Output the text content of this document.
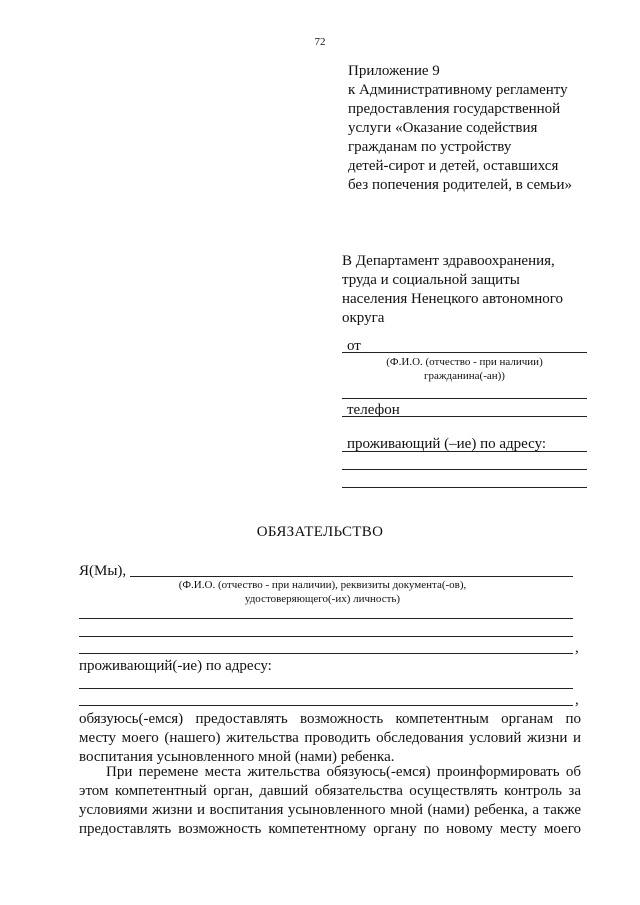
72
Приложение 9
к Административному регламенту
предоставления государственной
услуги «Оказание содействия
гражданам по устройству
детей-сирот и детей, оставшихся
без попечения родителей, в семьи»
В Департамент здравоохранения,
труда и социальной защиты
населения Ненецкого автономного
округа
от
(Ф.И.О. (отчество - при наличии)
гражданина(-ан))
телефон
проживающий (–ие) по адресу:
ОБЯЗАТЕЛЬСТВО
Я(Мы),
(Ф.И.О. (отчество - при наличии), реквизиты документа(-ов),
удостоверяющего(-их) личность)
,
проживающий(-ие) по адресу:
,
обязуюсь(-емся) предоставлять возможность компетентным органам по
месту моего (нашего) жительства проводить обследования условий жизни и
воспитания усыновленного мной (нами) ребенка.
При перемене места жительства обязуюсь(-емся) проинформировать об
этом компетентный орган, давший обязательства осуществлять контроль за
условиями жизни и воспитания усыновленного мной (нами) ребенка, а также
предоставлять возможность компетентному органу по новому месту моего
